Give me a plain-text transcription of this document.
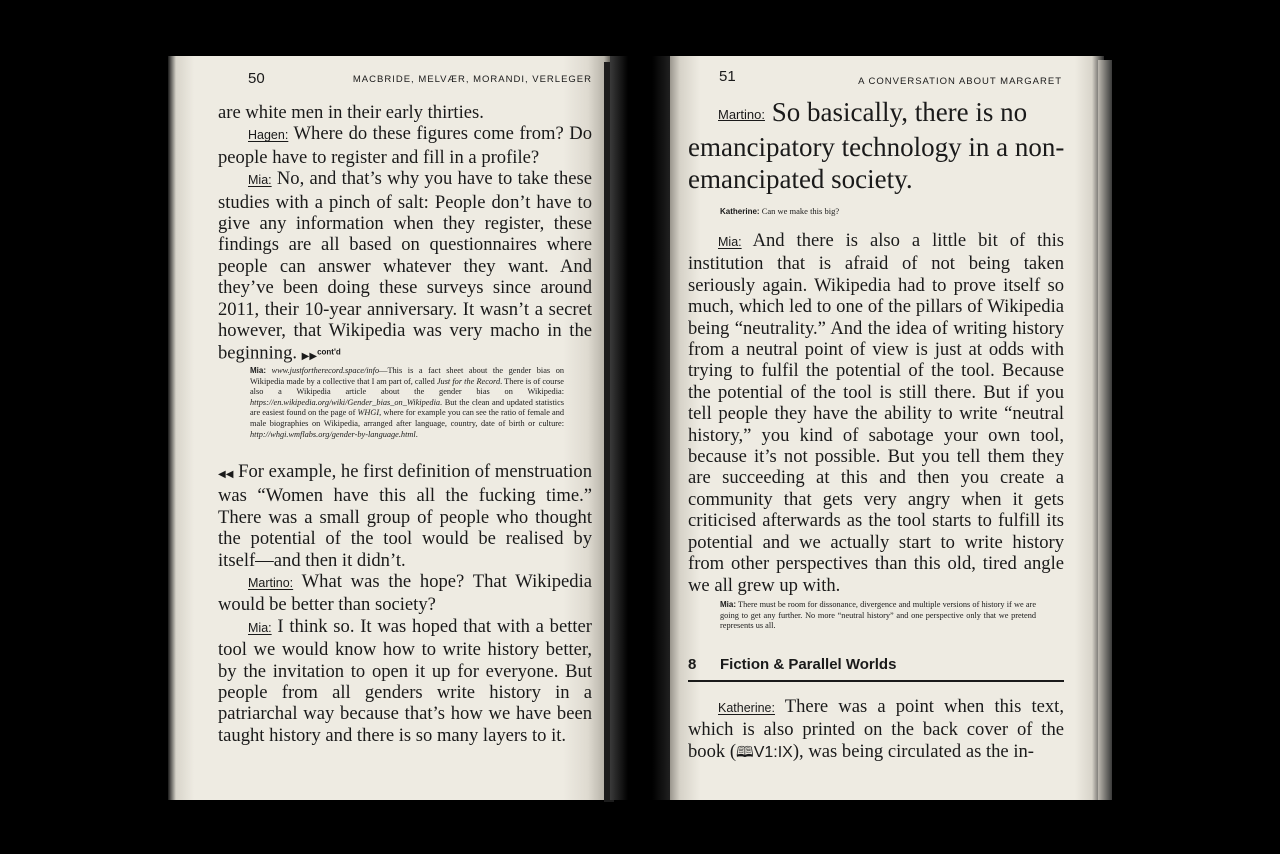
50	MACBRIDE, MELVÆR, MORANDI, VERLEGER

are white men in their early thirties.

Hagen: Where do these figures come from? Do people have to register and fill in a profile?

Mia: No, and that’s why you have to take these studies with a pinch of salt: People don’t have to give any information when they register, these findings are all based on questionnaires where people can answer whatever they want. And they’ve been doing these surveys since around 2011, their 10-year anniversary. It wasn’t a secret however, that Wikipedia was very macho in the beginning. ▶▶$^{cont'd}$

Mia: www.justfortherecord.space/info—This is a fact sheet about the gender bias on Wikipedia made by a collective that I am part of, called Just for the Record. There is of course also a Wikipedia article about the gender bias on Wikipedia: https://en.wikipedia.org/wiki/Gender_bias_on_Wikipedia. But the clean and updated statistics are easiest found on the page of WHGI, where for example you can see the ratio of female and male biographies on Wikipedia, arranged after language, country, date of birth or culture: http://whgi.wmflabs.org/gender-by-language.html.

◀◀ For example, he first definition of menstruation was “Women have this all the fucking time.” There was a small group of people who thought the potential of the tool would be realised by itself—and then it didn’t.

Martino: What was the hope? That Wikipedia would be better than society?

Mia: I think so. It was hoped that with a better tool we would know how to write history better, by the invitation to open it up for everyone. But people from all genders write history in a patriarchal way because that’s how we have been taught history and there is so many layers to it.

51	A CONVERSATION ABOUT MARGARET
Martino: So basically, there is no emancipatory technology in a non-emancipated society.
Katherine: Can we make this big?

Mia: And there is also a little bit of this institution that is afraid of not being taken seriously again. Wikipedia had to prove itself so much, which led to one of the pillars of Wikipedia being “neutrality.” And the idea of writing history from a neutral point of view is just at odds with trying to fulfil the potential of the tool. Because the potential of the tool is still there. But if you tell people they have the ability to write “neutral history,” you kind of sabotage your own tool, because it’s not possible. But you tell them they are succeeding at this and then you create a community that gets very angry when it gets criticised afterwards as the tool starts to fulfill its potential and we actually start to write history from other perspectives than this old, tired angle we all grew up with.

Mia: There must be room for dissonance, divergence and multiple versions of history if we are going to get any further. No more “neutral history” and one perspective only that we pretend represents us all.
8 Fiction & Parallel Worlds

Katherine: There was a point when this text, which is also printed on the back cover of the book (🕮V1:IX), was being circulated as the in-
